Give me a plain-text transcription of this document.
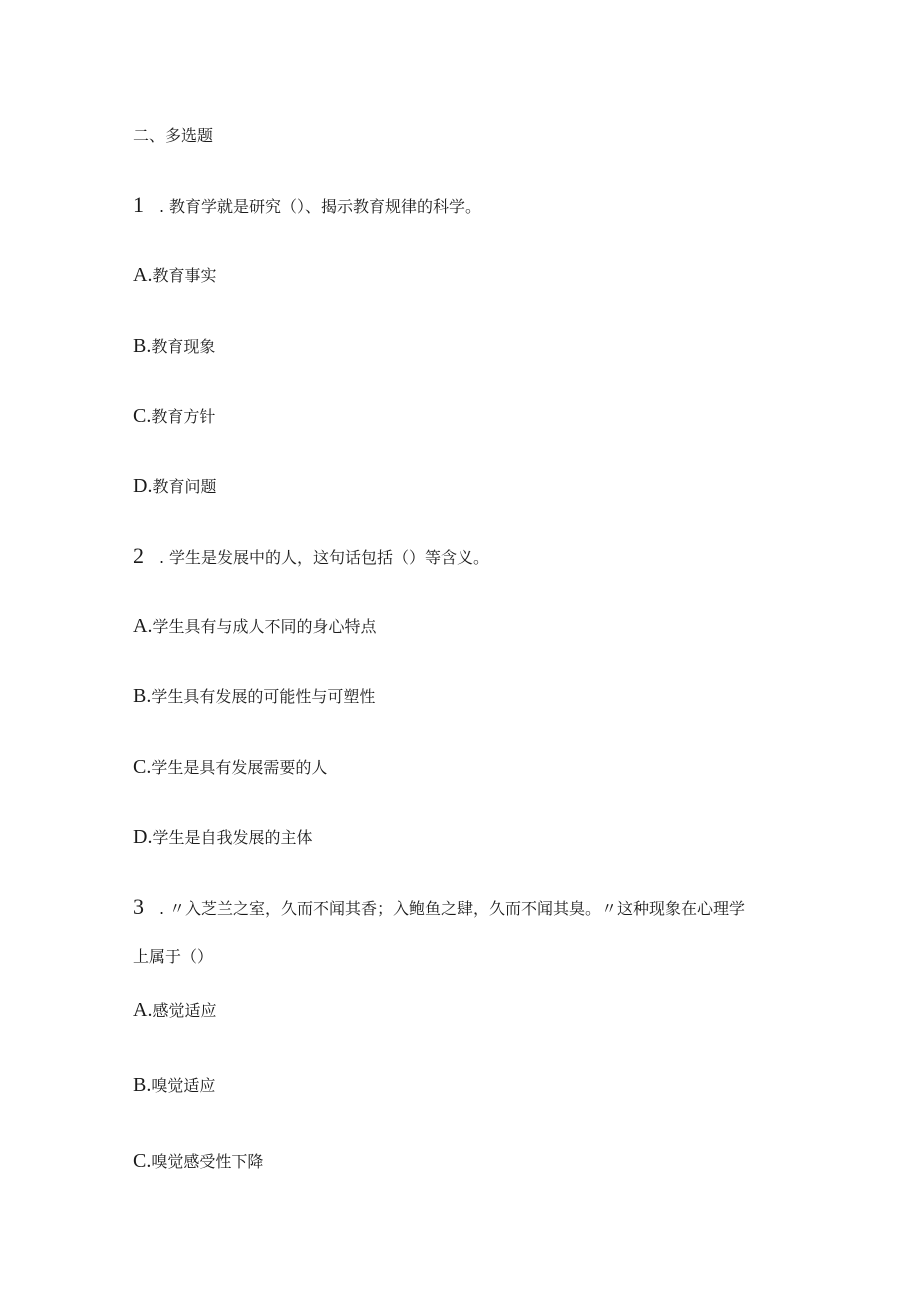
二、多选题
1 . 教育学就是研究（）、揭示教育规律的科学。
A.教育事实
B.教育现象
C.教育方针
D.教育问题
2 . 学生是发展中的人，这句话包括（）等含义。
A.学生具有与成人不同的身心特点
B.学生具有发展的可能性与可塑性
C.学生是具有发展需要的人
D.学生是自我发展的主体
3 . 〃入芝兰之室，久而不闻其香；入鲍鱼之肆，久而不闻其臭。〃这种现象在心理学
上属于（）
A.感觉适应
B.嗅觉适应
C.嗅觉感受性下降
